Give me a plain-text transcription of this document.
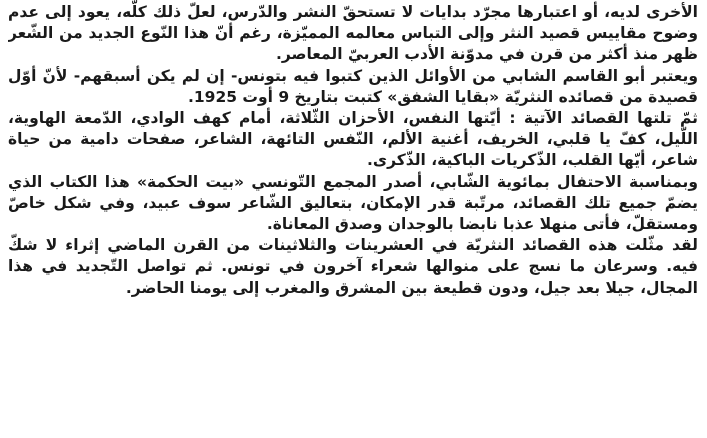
الأخرى لديه، أو اعتبارها مجرّد بدايات لا تستحقّ النشر والدّرس، لعلّ ذلك كلّه، يعود إلى عدم وضوح مقاييس قصيد النثر وإلى التباس معالمه المميّزة، رغم أنّ هذا النّوع الجديد من الشّعر ظهر منذ أكثر من قرن في مدوّنة الأدب العربيّ المعاصر.

ويعتبر أبو القاسم الشابي من الأوائل الذين كتبوا فيه بتونس- إن لم يكن أسبقهم- لأنّ أوّل قصيدة من قصائده النثريّة «بقايا الشفق» كتبت بتاريخ 9 أوت 1925.

ثمّ تلتها القصائد الآتية : أيّتها النفس، الأحزان الثّلاثة، أمام كهف الوادي، الدّمعة الهاوية، اللّيل، كفّ يا قلبي، الخريف، أغنية الألم، النّفس التائهة، الشاعر، صفحات دامية من حياة شاعر، أيّها القلب، الذّكريات الباكية، الذّكرى.

وبمناسبة الاحتفال بمائوية الشّابي، أصدر المجمع التّونسي «بيت الحكمة» هذا الكتاب الذي يضمّ جميع تلك القصائد، مرتّبة قدر الإمكان، بتعاليق الشّاعر سوف عبيد، وفي شكل خاصّ ومستقلّ، فأتى منهلا عذبا نابضا بالوجدان وصدق المعاناة.

لقد مثّلت هذه القصائد النثريّة في العشرينات والثلاثينات من القرن الماضي إثراء لا شكّ فيه. وسرعان ما نسج على منوالها شعراء آخرون في تونس. ثم تواصل التّجديد في هذا المجال، جيلا بعد جيل، ودون قطيعة بين المشرق والمغرب إلى يومنا الحاضر.
